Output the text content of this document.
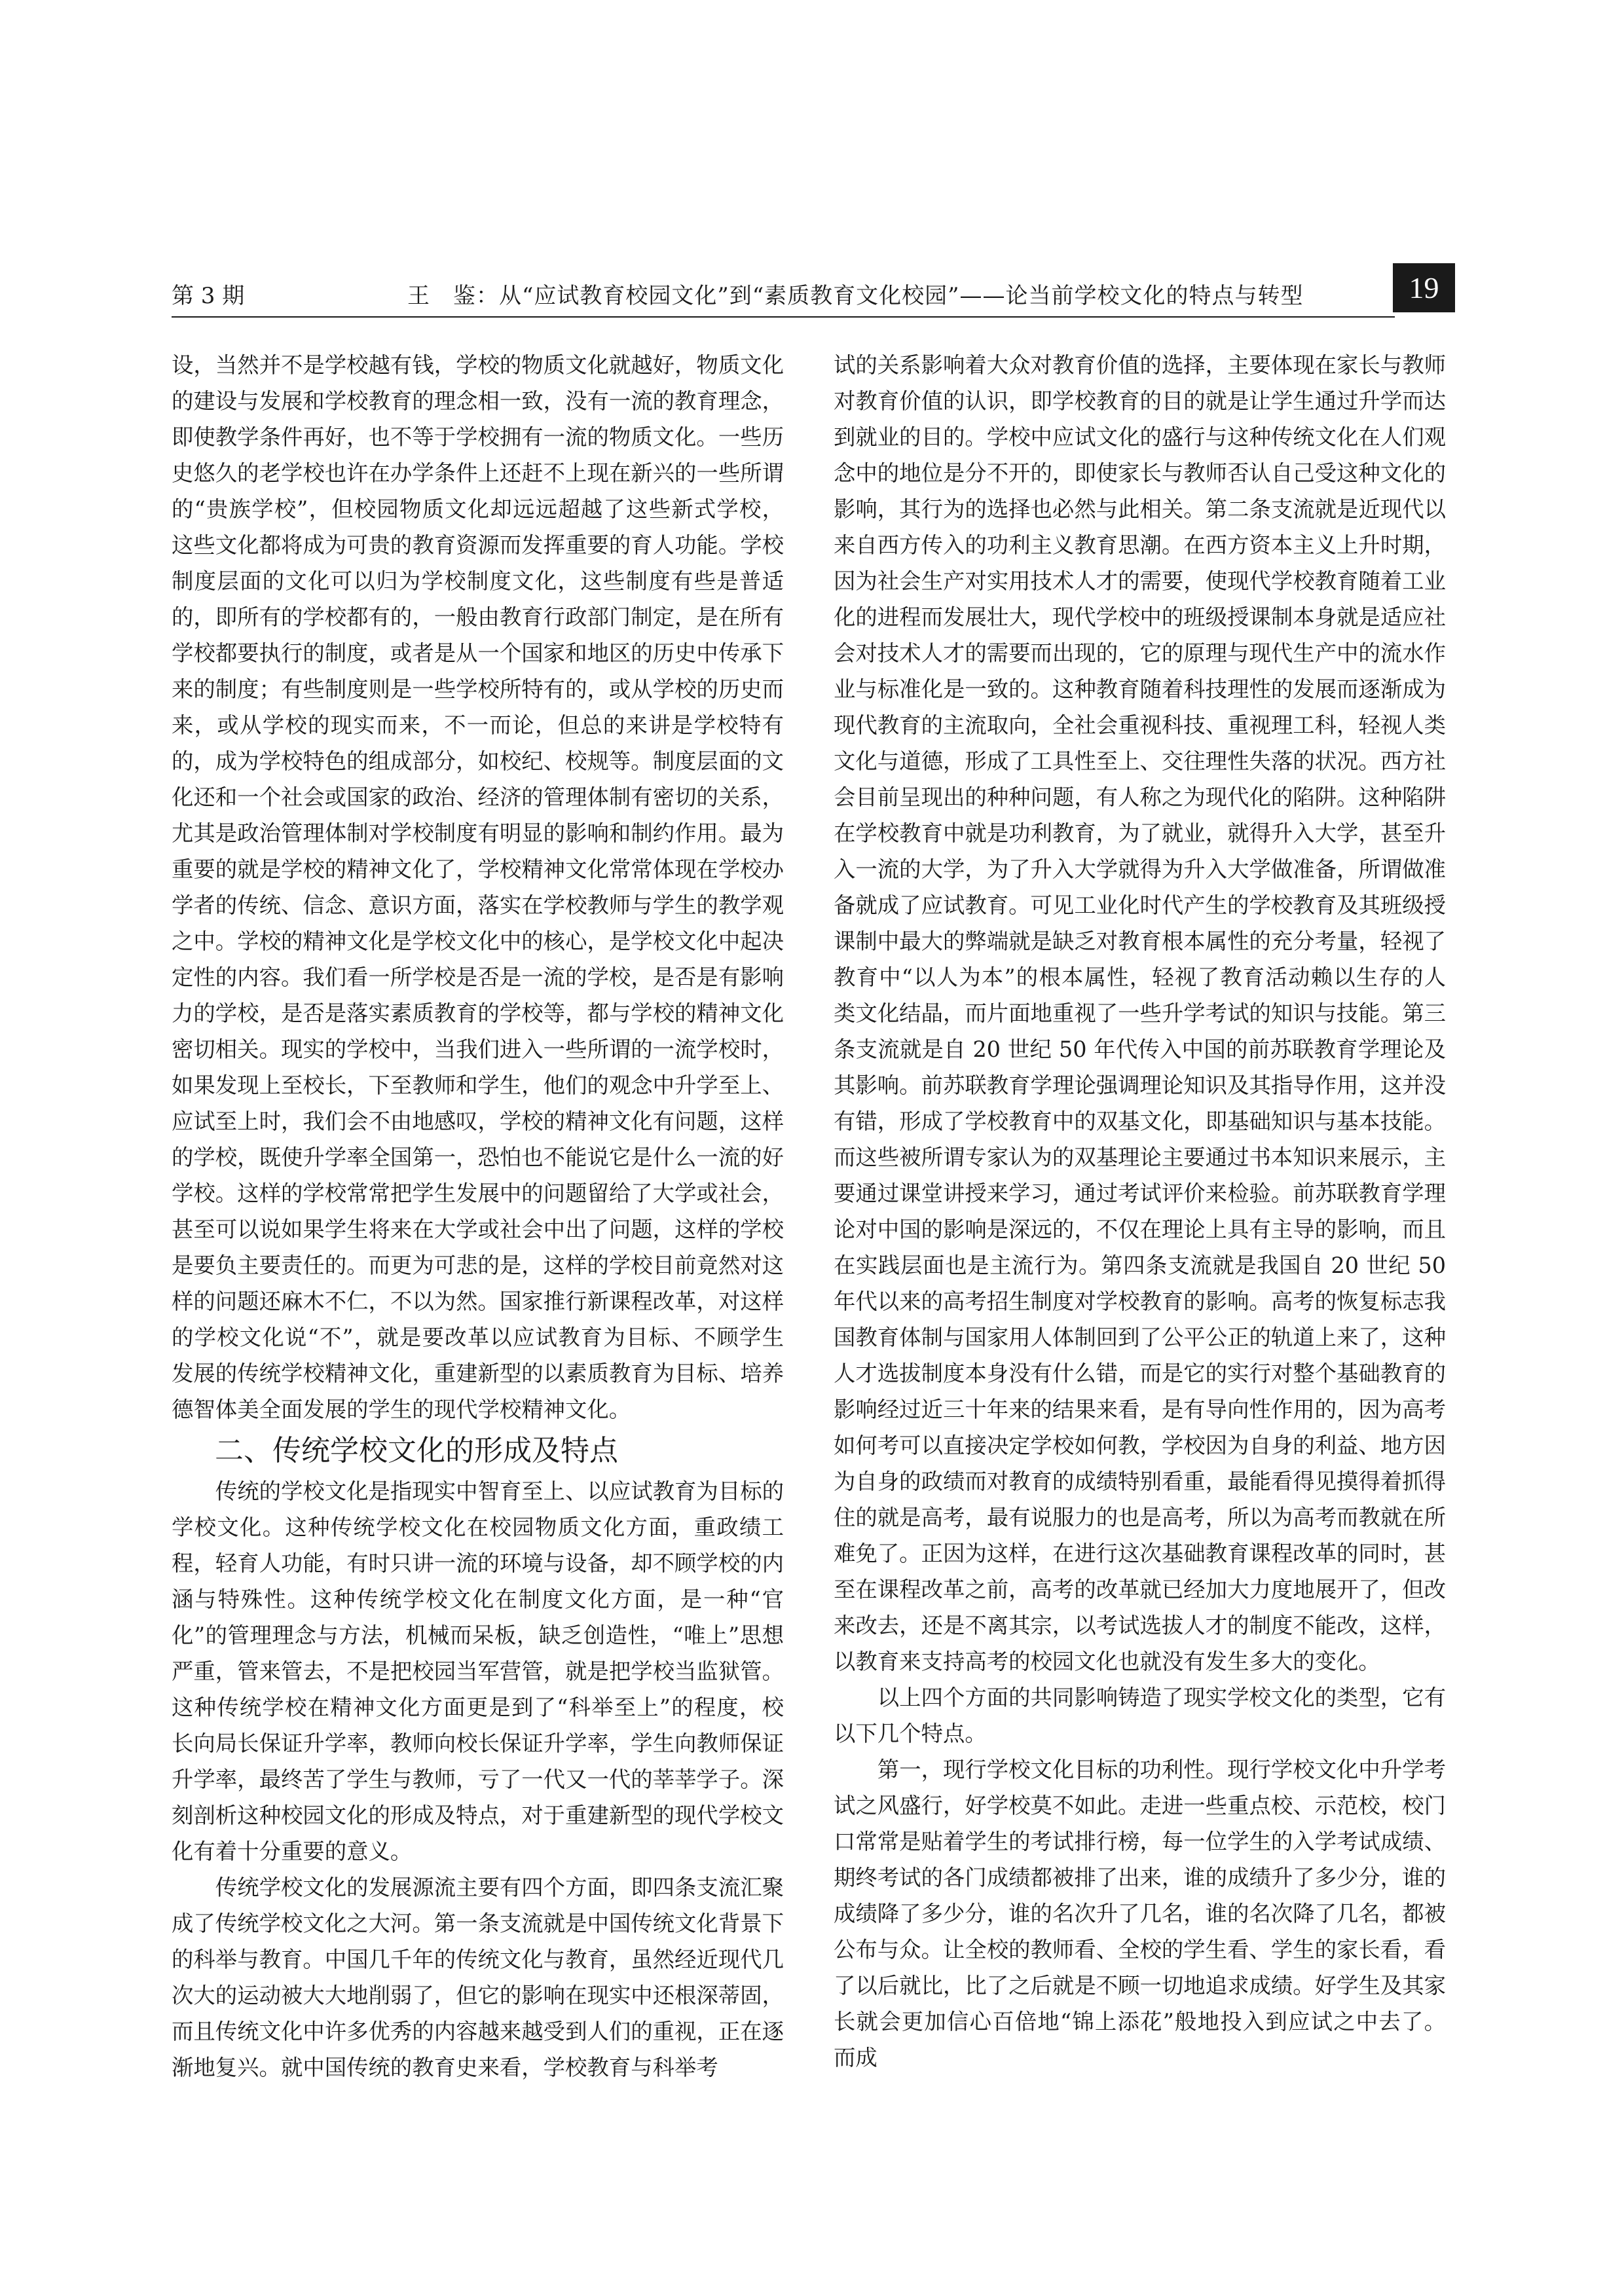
第 3 期	王　鉴：从“应试教育校园文化”到“素质教育文化校园”——论当前学校文化的特点与转型	19

设，当然并不是学校越有钱，学校的物质文化就越好，物质文化的建设与发展和学校教育的理念相一致，没有一流的教育理念，即使教学条件再好，也不等于学校拥有一流的物质文化。一些历史悠久的老学校也许在办学条件上还赶不上现在新兴的一些所谓的“贵族学校”，但校园物质文化却远远超越了这些新式学校，这些文化都将成为可贵的教育资源而发挥重要的育人功能。学校制度层面的文化可以归为学校制度文化，这些制度有些是普适的，即所有的学校都有的，一般由教育行政部门制定，是在所有学校都要执行的制度，或者是从一个国家和地区的历史中传承下来的制度；有些制度则是一些学校所特有的，或从学校的历史而来，或从学校的现实而来，不一而论，但总的来讲是学校特有的，成为学校特色的组成部分，如校纪、校规等。制度层面的文化还和一个社会或国家的政治、经济的管理体制有密切的关系，尤其是政治管理体制对学校制度有明显的影响和制约作用。最为重要的就是学校的精神文化了，学校精神文化常常体现在学校办学者的传统、信念、意识方面，落实在学校教师与学生的教学观之中。学校的精神文化是学校文化中的核心，是学校文化中起决定性的内容。我们看一所学校是否是一流的学校，是否是有影响力的学校，是否是落实素质教育的学校等，都与学校的精神文化密切相关。现实的学校中，当我们进入一些所谓的一流学校时，如果发现上至校长，下至教师和学生，他们的观念中升学至上、应试至上时，我们会不由地感叹，学校的精神文化有问题，这样的学校，既使升学率全国第一，恐怕也不能说它是什么一流的好学校。这样的学校常常把学生发展中的问题留给了大学或社会，甚至可以说如果学生将来在大学或社会中出了问题，这样的学校是要负主要责任的。而更为可悲的是，这样的学校目前竟然对这样的问题还麻木不仁，不以为然。国家推行新课程改革，对这样的学校文化说“不”，就是要改革以应试教育为目标、不顾学生发展的传统学校精神文化，重建新型的以素质教育为目标、培养德智体美全面发展的学生的现代学校精神文化。

二、传统学校文化的形成及特点

传统的学校文化是指现实中智育至上、以应试教育为目标的学校文化。这种传统学校文化在校园物质文化方面，重政绩工程，轻育人功能，有时只讲一流的环境与设备，却不顾学校的内涵与特殊性。这种传统学校文化在制度文化方面，是一种“官化”的管理理念与方法，机械而呆板，缺乏创造性，“唯上”思想严重，管来管去，不是把校园当军营管，就是把学校当监狱管。这种传统学校在精神文化方面更是到了“科举至上”的程度，校长向局长保证升学率，教师向校长保证升学率，学生向教师保证升学率，最终苦了学生与教师，亏了一代又一代的莘莘学子。深刻剖析这种校园文化的形成及特点，对于重建新型的现代学校文化有着十分重要的意义。

传统学校文化的发展源流主要有四个方面，即四条支流汇聚成了传统学校文化之大河。第一条支流就是中国传统文化背景下的科举与教育。中国几千年的传统文化与教育，虽然经近现代几次大的运动被大大地削弱了，但它的影响在现实中还根深蒂固，而且传统文化中许多优秀的内容越来越受到人们的重视，正在逐渐地复兴。就中国传统的教育史来看，学校教育与科举考

试的关系影响着大众对教育价值的选择，主要体现在家长与教师对教育价值的认识，即学校教育的目的就是让学生通过升学而达到就业的目的。学校中应试文化的盛行与这种传统文化在人们观念中的地位是分不开的，即使家长与教师否认自己受这种文化的影响，其行为的选择也必然与此相关。第二条支流就是近现代以来自西方传入的功利主义教育思潮。在西方资本主义上升时期，因为社会生产对实用技术人才的需要，使现代学校教育随着工业化的进程而发展壮大，现代学校中的班级授课制本身就是适应社会对技术人才的需要而出现的，它的原理与现代生产中的流水作业与标准化是一致的。这种教育随着科技理性的发展而逐渐成为现代教育的主流取向，全社会重视科技、重视理工科，轻视人类文化与道德，形成了工具性至上、交往理性失落的状况。西方社会目前呈现出的种种问题，有人称之为现代化的陷阱。这种陷阱在学校教育中就是功利教育，为了就业，就得升入大学，甚至升入一流的大学，为了升入大学就得为升入大学做准备，所谓做准备就成了应试教育。可见工业化时代产生的学校教育及其班级授课制中最大的弊端就是缺乏对教育根本属性的充分考量，轻视了教育中“以人为本”的根本属性，轻视了教育活动赖以生存的人类文化结晶，而片面地重视了一些升学考试的知识与技能。第三条支流就是自 20 世纪 50 年代传入中国的前苏联教育学理论及其影响。前苏联教育学理论强调理论知识及其指导作用，这并没有错，形成了学校教育中的双基文化，即基础知识与基本技能。而这些被所谓专家认为的双基理论主要通过书本知识来展示，主要通过课堂讲授来学习，通过考试评价来检验。前苏联教育学理论对中国的影响是深远的，不仅在理论上具有主导的影响，而且在实践层面也是主流行为。第四条支流就是我国自 20 世纪 50 年代以来的高考招生制度对学校教育的影响。高考的恢复标志我国教育体制与国家用人体制回到了公平公正的轨道上来了，这种人才选拔制度本身没有什么错，而是它的实行对整个基础教育的影响经过近三十年来的结果来看，是有导向性作用的，因为高考如何考可以直接决定学校如何教，学校因为自身的利益、地方因为自身的政绩而对教育的成绩特别看重，最能看得见摸得着抓得住的就是高考，最有说服力的也是高考，所以为高考而教就在所难免了。正因为这样，在进行这次基础教育课程改革的同时，甚至在课程改革之前，高考的改革就已经加大力度地展开了，但改来改去，还是不离其宗，以考试选拔人才的制度不能改，这样，以教育来支持高考的校园文化也就没有发生多大的变化。

以上四个方面的共同影响铸造了现实学校文化的类型，它有以下几个特点。

第一，现行学校文化目标的功利性。现行学校文化中升学考试之风盛行，好学校莫不如此。走进一些重点校、示范校，校门口常常是贴着学生的考试排行榜，每一位学生的入学考试成绩、期终考试的各门成绩都被排了出来，谁的成绩升了多少分，谁的成绩降了多少分，谁的名次升了几名，谁的名次降了几名，都被公布与众。让全校的教师看、全校的学生看、学生的家长看，看了以后就比，比了之后就是不顾一切地追求成绩。好学生及其家长就会更加信心百倍地“锦上添花”般地投入到应试之中去了。而成
